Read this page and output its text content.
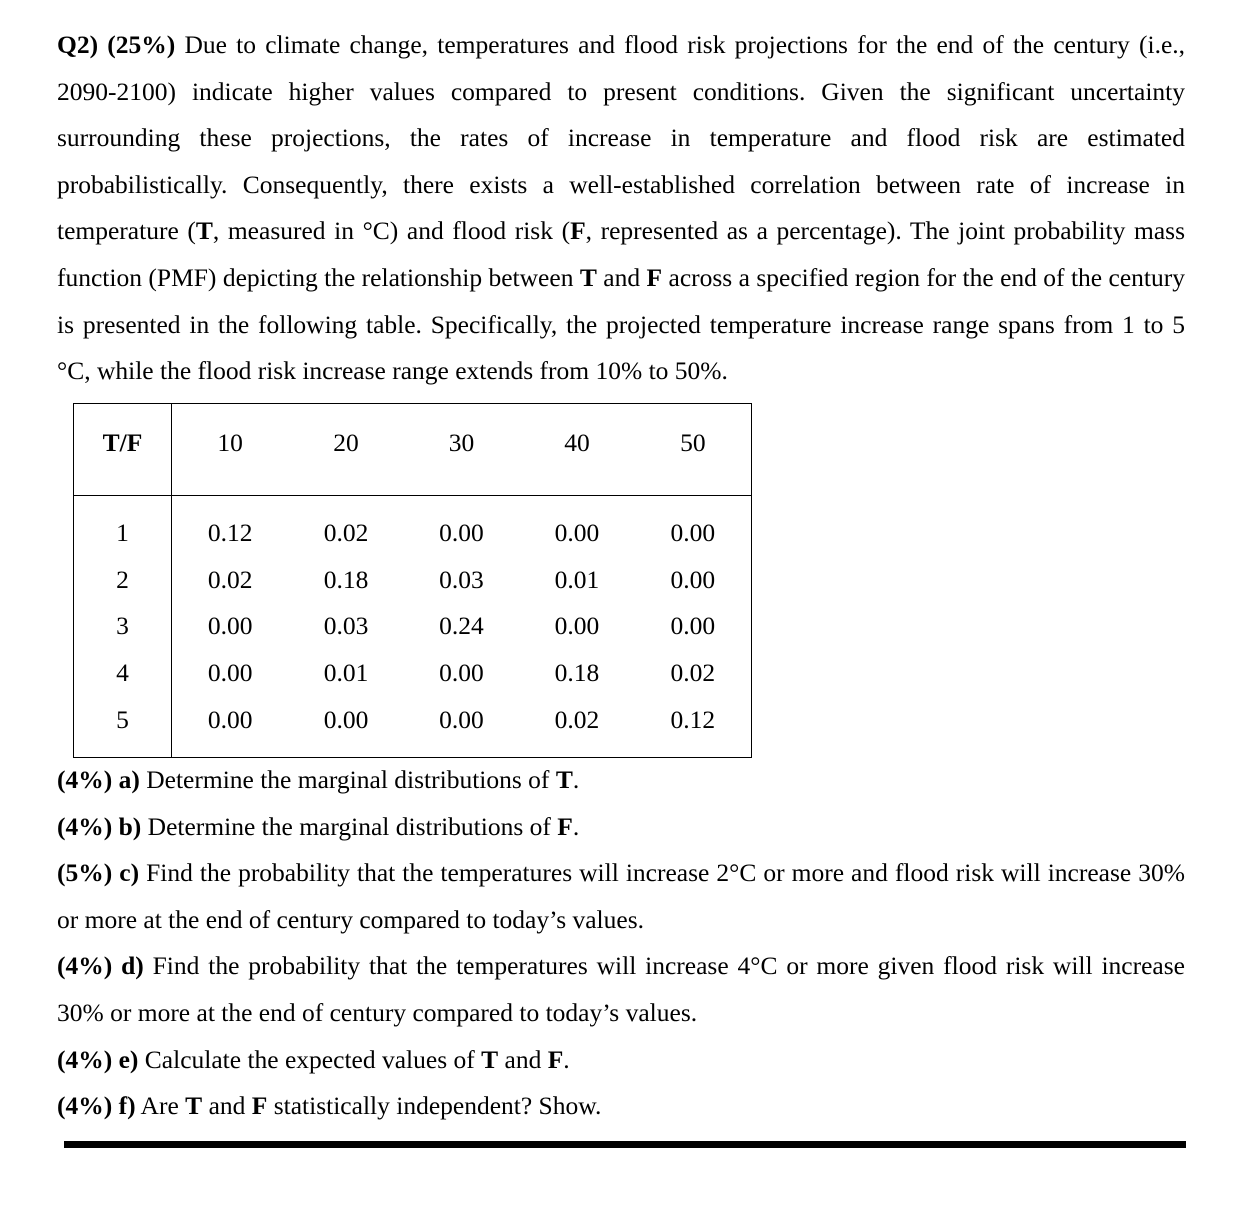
Q2) (25%) Due to climate change, temperatures and flood risk projections for the end of the century (i.e., 2090-2100) indicate higher values compared to present conditions. Given the significant uncertainty surrounding these projections, the rates of increase in temperature and flood risk are estimated probabilistically. Consequently, there exists a well-established correlation between rate of increase in temperature (T, measured in °C) and flood risk (F, represented as a percentage). The joint probability mass function (PMF) depicting the relationship between T and F across a specified region for the end of the century is presented in the following table. Specifically, the projected temperature increase range spans from 1 to 5 °C, while the flood risk increase range extends from 10% to 50%.

T/F	10	20	30	40	50
1	0.12	0.02	0.00	0.00	0.00
2	0.02	0.18	0.03	0.01	0.00
3	0.00	0.03	0.24	0.00	0.00
4	0.00	0.01	0.00	0.18	0.02
5	0.00	0.00	0.00	0.02	0.12
(4%) a) Determine the marginal distributions of T.
(4%) b) Determine the marginal distributions of F.
(5%) c) Find the probability that the temperatures will increase 2°C or more and flood risk will increase 30% or more at the end of century compared to today’s values.
(4%) d) Find the probability that the temperatures will increase 4°C or more given flood risk will increase 30% or more at the end of century compared to today’s values.
(4%) e) Calculate the expected values of T and F.
(4%) f) Are T and F statistically independent? Show.
